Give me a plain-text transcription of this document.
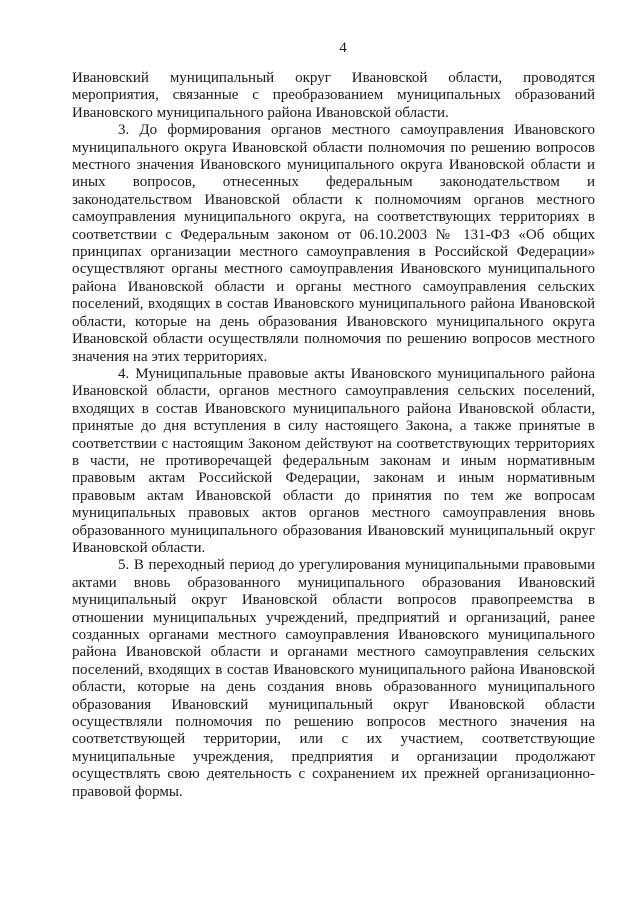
4

Ивановский муниципальный округ Ивановской области, проводятся мероприятия, связанные с преобразованием муниципальных образований Ивановского муниципального района Ивановской области.

3. До формирования органов местного самоуправления Ивановского муниципального округа Ивановской области полномочия по решению вопросов местного значения Ивановского муниципального округа Ивановской области и иных вопросов, отнесенных федеральным законодательством и законодательством Ивановской области к полномочиям органов местного самоуправления муниципального округа, на соответствующих территориях в соответствии с Федеральным законом от 06.10.2003 № 131-ФЗ «Об общих принципах организации местного самоуправления в Российской Федерации» осуществляют органы местного самоуправления Ивановского муниципального района Ивановской области и органы местного самоуправления сельских поселений, входящих в состав Ивановского муниципального района Ивановской области, которые на день образования Ивановского муниципального округа Ивановской области осуществляли полномочия по решению вопросов местного значения на этих территориях.

4. Муниципальные правовые акты Ивановского муниципального района Ивановской области, органов местного самоуправления сельских поселений, входящих в состав Ивановского муниципального района Ивановской области, принятые до дня вступления в силу настоящего Закона, а также принятые в соответствии с настоящим Законом действуют на соответствующих территориях в части, не противоречащей федеральным законам и иным нормативным правовым актам Российской Федерации, законам и иным нормативным правовым актам Ивановской области до принятия по тем же вопросам муниципальных правовых актов органов местного самоуправления вновь образованного муниципального образования Ивановский муниципальный округ Ивановской области.

5. В переходный период до урегулирования муниципальными правовыми актами вновь образованного муниципального образования Ивановский муниципальный округ Ивановской области вопросов правопреемства в отношении муниципальных учреждений, предприятий и организаций, ранее созданных органами местного самоуправления Ивановского муниципального района Ивановской области и органами местного самоуправления сельских поселений, входящих в состав Ивановского муниципального района Ивановской области, которые на день создания вновь образованного муниципального образования Ивановский муниципальный округ Ивановской области осуществляли полномочия по решению вопросов местного значения на соответствующей территории, или с их участием, соответствующие муниципальные учреждения, предприятия и организации продолжают осуществлять свою деятельность с сохранением их прежней организационно-правовой формы.
